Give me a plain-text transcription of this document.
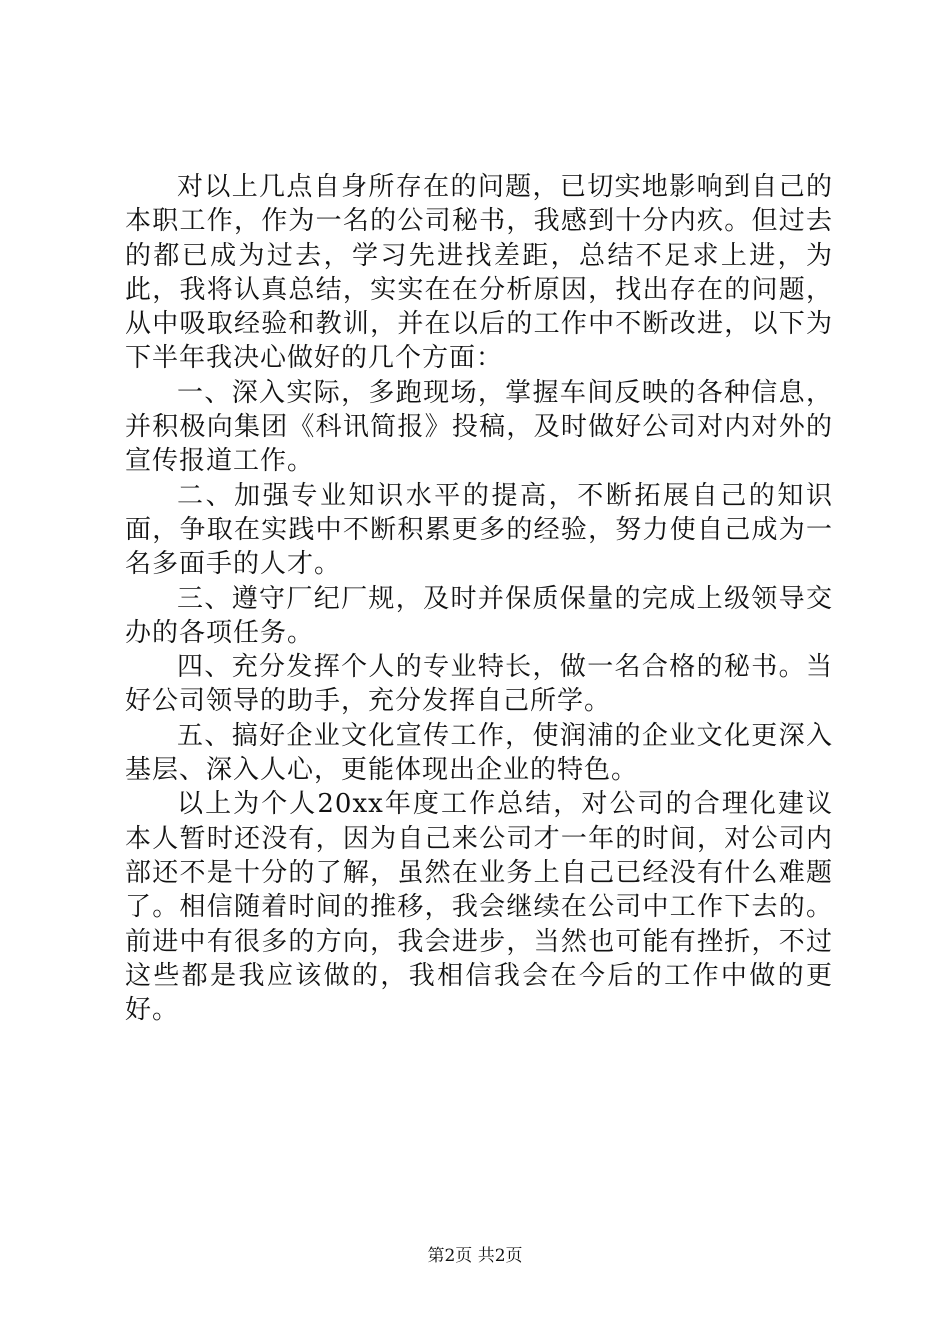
对以上几点自身所存在的问题，已切实地影响到自己的本职工作，作为一名的公司秘书，我感到十分内疚。但过去的都已成为过去，学习先进找差距，总结不足求上进，为此，我将认真总结，实实在在分析原因，找出存在的问题，从中吸取经验和教训，并在以后的工作中不断改进，以下为下半年我决心做好的几个方面：

一、深入实际，多跑现场，掌握车间反映的各种信息，并积极向集团《科讯简报》投稿，及时做好公司对内对外的宣传报道工作。

二、加强专业知识水平的提高，不断拓展自己的知识面，争取在实践中不断积累更多的经验，努力使自己成为一名多面手的人才。

三、遵守厂纪厂规，及时并保质保量的完成上级领导交办的各项任务。

四、充分发挥个人的专业特长，做一名合格的秘书。当好公司领导的助手，充分发挥自己所学。

五、搞好企业文化宣传工作，使润浦的企业文化更深入基层、深入人心，更能体现出企业的特色。

以上为个人20xx年度工作总结，对公司的合理化建议本人暂时还没有，因为自己来公司才一年的时间，对公司内部还不是十分的了解，虽然在业务上自己已经没有什么难题了。相信随着时间的推移，我会继续在公司中工作下去的。前进中有很多的方向，我会进步，当然也可能有挫折，不过这些都是我应该做的，我相信我会在今后的工作中做的更好。

第2页 共2页
